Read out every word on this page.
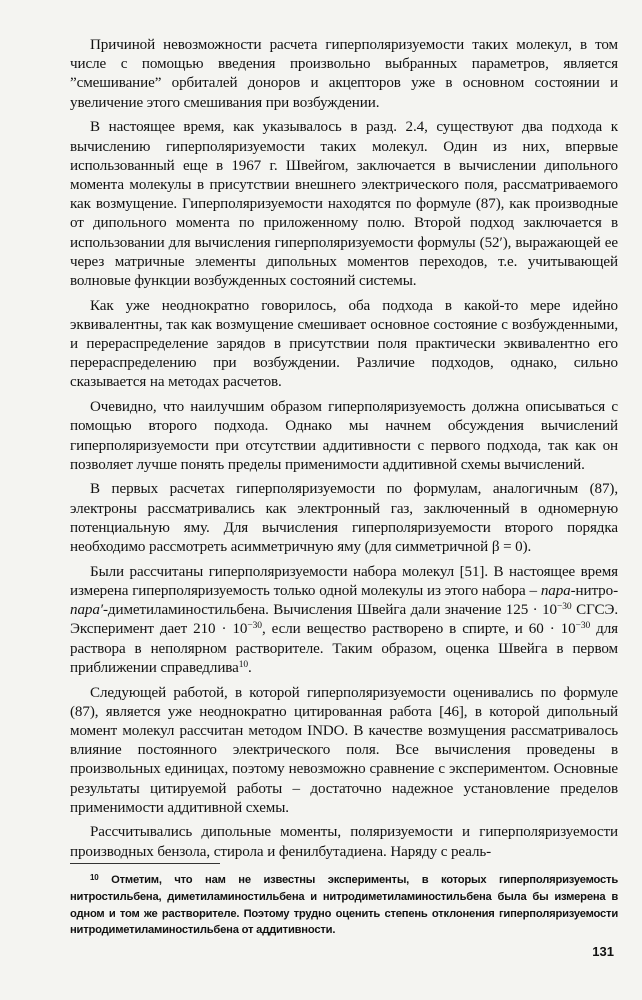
Причиной невозможности расчета гиперполяризуемости таких молекул, в том числе с помощью введения произвольно выбранных параметров, является ”смешивание” орбиталей доноров и акцепторов уже в основном состоянии и увеличение этого смешивания при возбуждении.

В настоящее время, как указывалось в разд. 2.4, существуют два подхода к вычислению гиперполяризуемости таких молекул. Один из них, впервые использованный еще в 1967 г. Швейгом, заключается в вычислении дипольного момента молекулы в присутствии внешнего электрического поля, рассматриваемого как возмущение. Гиперполяризуемости находятся по формуле (87), как производные от дипольного момента по приложенному полю. Второй подход заключается в использовании для вычисления гиперполяризуемости формулы (52′), выражающей ее через матричные элементы дипольных моментов переходов, т.е. учитывающей волновые функции возбужденных состояний системы.

Как уже неоднократно говорилось, оба подхода в какой-то мере идейно эквивалентны, так как возмущение смешивает основное состояние с возбужденными, и перераспределение зарядов в присутствии поля практически эквивалентно его перераспределению при возбуждении. Различие подходов, однако, сильно сказывается на методах расчетов.

Очевидно, что наилучшим образом гиперполяризуемость должна описываться с помощью второго подхода. Однако мы начнем обсуждения вычислений гиперполяризуемости при отсутствии аддитивности с первого подхода, так как он позволяет лучше понять пределы применимости аддитивной схемы вычислений.

В первых расчетах гиперполяризуемости по формулам, аналогичным (87), электроны рассматривались как электронный газ, заключенный в одномерную потенциальную яму. Для вычисления гиперполяризуемости второго порядка необходимо рассмотреть асимметричную яму (для симметричной β = 0).

Были рассчитаны гиперполяризуемости набора молекул [51]. В настоящее время измерена гиперполяризуемость только одной молекулы из этого набора – пара-нитро-пара′-диметиламиностильбена. Вычисления Швейга дали значение $125 \cdot 10^{-30}$ СГСЭ. Эксперимент дает $210 \cdot 10^{-30}$, если вещество растворено в спирте, и $60 \cdot 10^{-30}$ для раствора в неполярном растворителе. Таким образом, оценка Швейга в первом приближении справедлива$^{10}$.

Следующей работой, в которой гиперполяризуемости оценивались по формуле (87), является уже неоднократно цитированная работа [46], в которой дипольный момент молекул рассчитан методом INDO. В качестве возмущения рассматривалось влияние постоянного электрического поля. Все вычисления проведены в произвольных единицах, поэтому невозможно сравнение с экспериментом. Основные результаты цитируемой работы – достаточно надежное установление пределов применимости аддитивной схемы.

Рассчитывались дипольные моменты, поляризуемости и гиперполяризуемости производных бензола, стирола и фенилбутадиена. Наряду с реаль-

$^{10}$ Отметим, что нам не известны эксперименты, в которых гиперполяризуемость нитростильбена, диметиламиностильбена и нитродиметиламиностильбена была бы измерена в одном и том же растворителе. Поэтому трудно оценить степень отклонения гиперполяризуемости нитродиметиламиностильбена от аддитивности.
131
